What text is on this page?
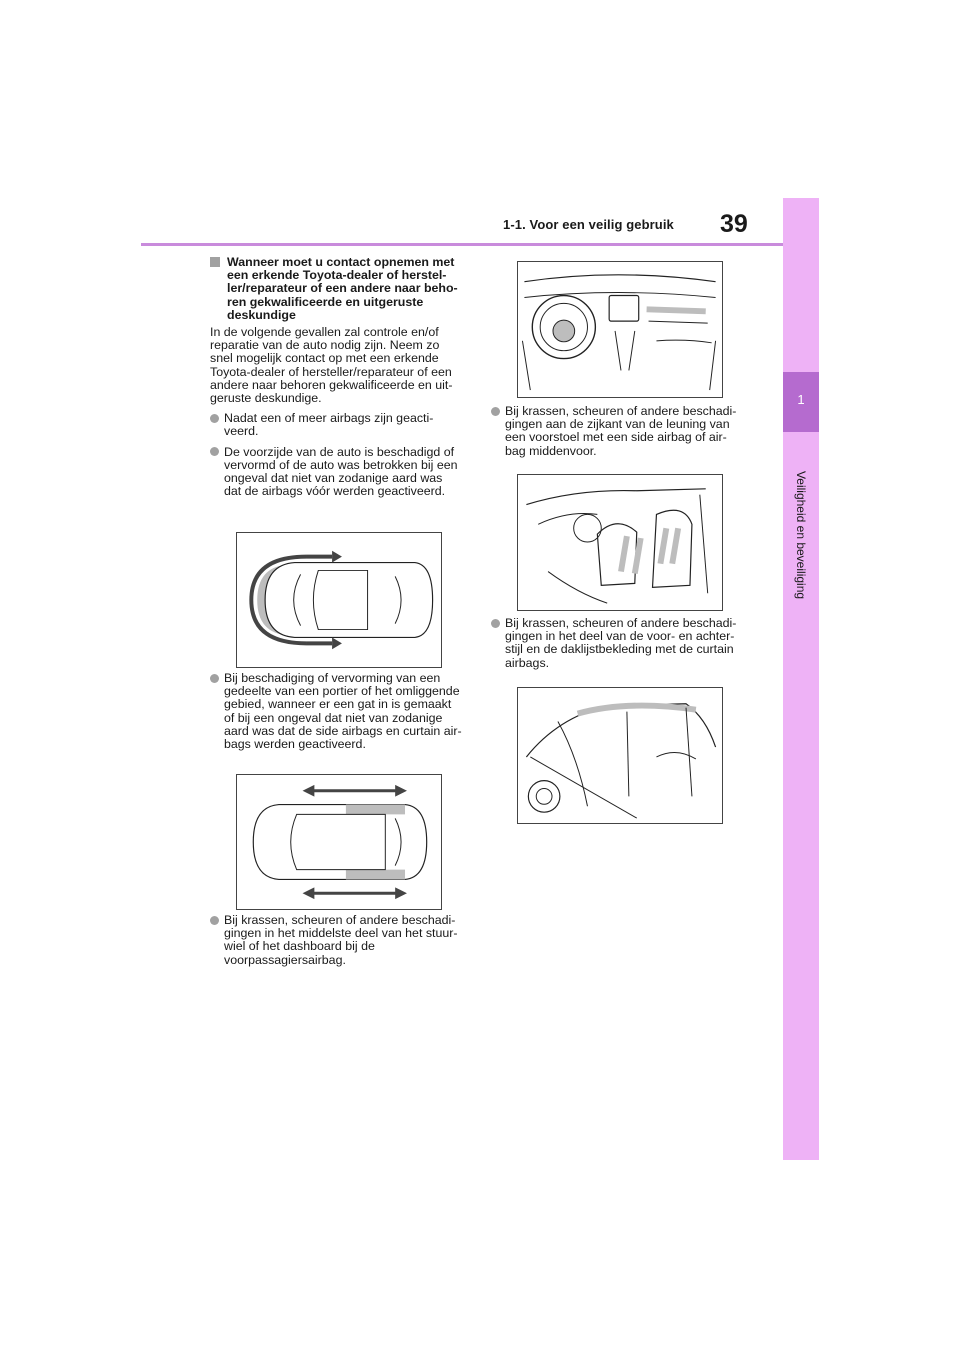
1-1. Voor een veilig gebruik 39
1
Veiligheid en beveiliging
Wanneer moet u contact opnemen met
een erkende Toyota-dealer of herstel-
ler/reparateur of een andere naar beho-
ren gekwalificeerde en uitgeruste
deskundige
In de volgende gevallen zal controle en/of
reparatie van de auto nodig zijn. Neem zo
snel mogelijk contact op met een erkende
Toyota-dealer of hersteller/reparateur of een
andere naar behoren gekwalificeerde en uit-
geruste deskundige.
Nadat een of meer airbags zijn geacti-
veerd.
De voorzijde van de auto is beschadigd of
vervormd of de auto was betrokken bij een
ongeval dat niet van zodanige aard was
dat de airbags vóór werden geactiveerd.
Bij beschadiging of vervorming van een
gedeelte van een portier of het omliggende
gebied, wanneer er een gat in is gemaakt
of bij een ongeval dat niet van zodanige
aard was dat de side airbags en curtain air-
bags werden geactiveerd.
Bij krassen, scheuren of andere beschadi-
gingen in het middelste deel van het stuur-
wiel of het dashboard bij de
voorpassagiersairbag.
Bij krassen, scheuren of andere beschadi-
gingen aan de zijkant van de leuning van
een voorstoel met een side airbag of air-
bag middenvoor.
Bij krassen, scheuren of andere beschadi-
gingen in het deel van de voor- en achter-
stijl en de daklijstbekleding met de curtain
airbags.
